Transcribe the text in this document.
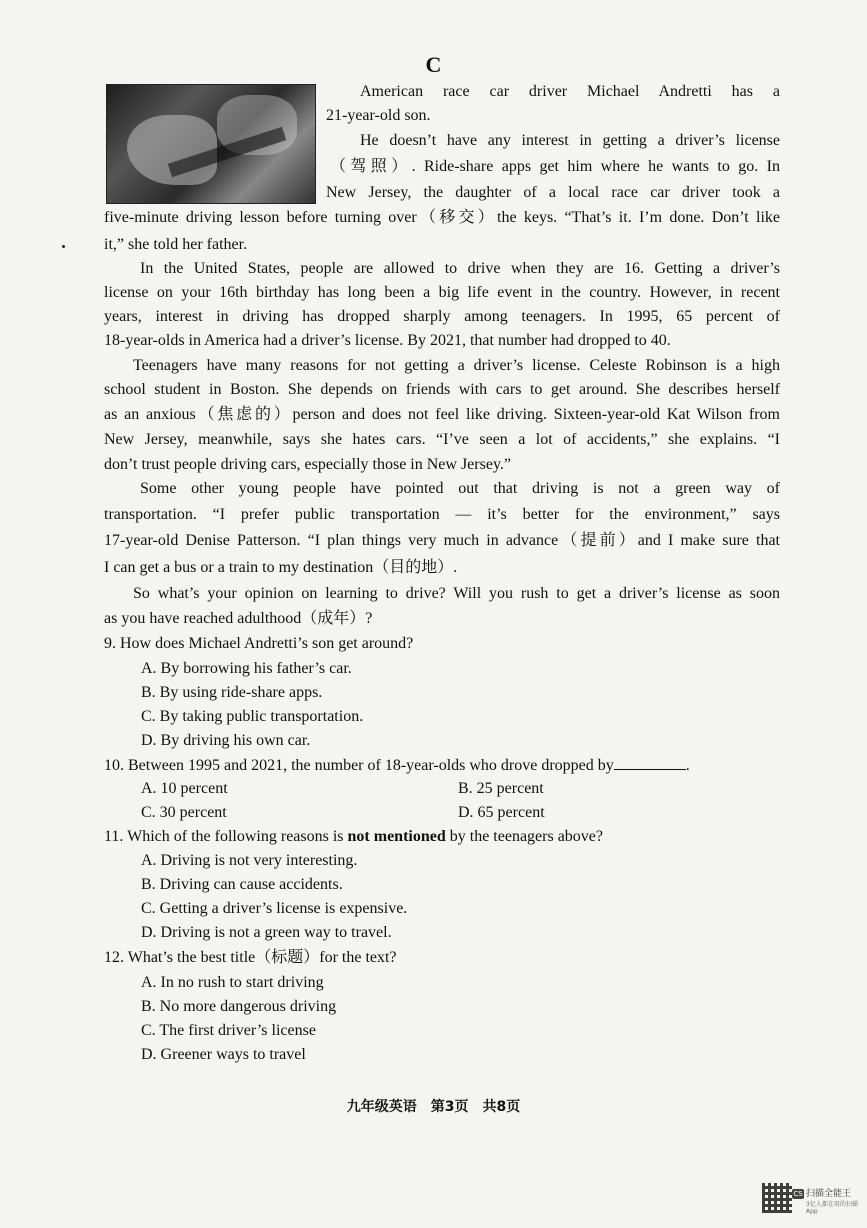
C
American race car driver Michael Andretti has a
21-year-old son.
He doesn’t have any interest in getting a driver’s license
（驾照）. Ride-share apps get him where he wants to go. In
New Jersey, the daughter of a local race car driver took a
five-minute driving lesson before turning over（移交）the keys. “That’s it. I’m done. Don’t like
it,” she told her father.
In the United States, people are allowed to drive when they are 16. Getting a driver’s
license on your 16th birthday has long been a big life event in the country. However, in recent
years, interest in driving has dropped sharply among teenagers. In 1995, 65 percent of
18-year-olds in America had a driver’s license. By 2021, that number had dropped to 40.
Teenagers have many reasons for not getting a driver’s license. Celeste Robinson is a high
school student in Boston. She depends on friends with cars to get around. She describes herself
as an anxious（焦虑的）person and does not feel like driving. Sixteen-year-old Kat Wilson from
New Jersey, meanwhile, says she hates cars. “I’ve seen a lot of accidents,” she explains. “I
don’t trust people driving cars, especially those in New Jersey.”
Some other young people have pointed out that driving is not a green way of
transportation. “I prefer public transportation — it’s better for the environment,” says
17-year-old Denise Patterson. “I plan things very much in advance（提前）and I make sure that
I can get a bus or a train to my destination（目的地）.
So what’s your opinion on learning to drive? Will you rush to get a driver’s license as soon
as you have reached adulthood（成年）?
9. How does Michael Andretti’s son get around?
A. By borrowing his father’s car.
B. By using ride-share apps.
C. By taking public transportation.
D. By driving his own car.
10. Between 1995 and 2021, the number of 18-year-olds who drove dropped by	.
A. 10 percent	B. 25 percent
C. 30 percent	D. 65 percent
11. Which of the following reasons is not mentioned by the teenagers above?
A. Driving is not very interesting.
B. Driving can cause accidents.
C. Getting a driver’s license is expensive.
D. Driving is not a green way to travel.
12. What’s the best title（标题）for the text?
A. In no rush to start driving
B. No more dangerous driving
C. The first driver’s license
D. Greener ways to travel
九年级英语　第3页　共8页
CS 扫描全能王
3亿人都在用的扫描App
